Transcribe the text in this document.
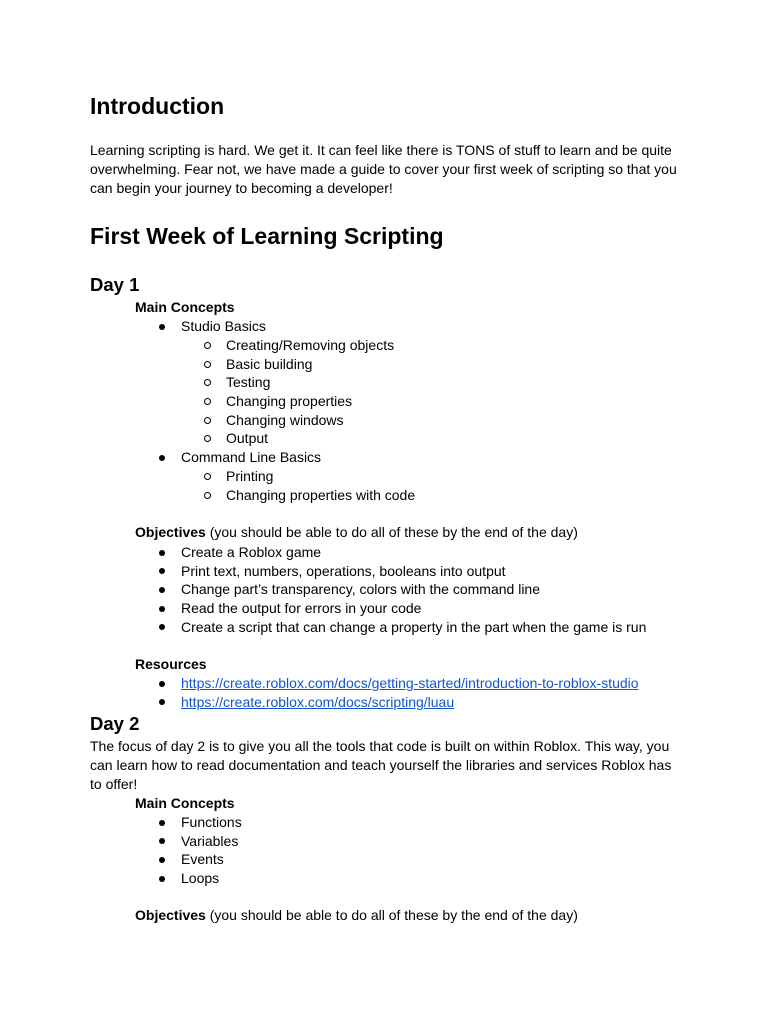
Introduction

Learning scripting is hard. We get it. It can feel like there is TONS of stuff to learn and be quite overwhelming. Fear not, we have made a guide to cover your first week of scripting so that you can begin your journey to becoming a developer!

First Week of Learning Scripting
Day 1

Main Concepts

Studio Basics
Creating/Removing objects
Basic building
Testing
Changing properties
Changing windows
Output
Command Line Basics
Printing
Changing properties with code

Objectives (you should be able to do all of these by the end of the day)

Create a Roblox game
Print text, numbers, operations, booleans into output
Change part’s transparency, colors with the command line
Read the output for errors in your code
Create a script that can change a property in the part when the game is run

Resources

https://create.roblox.com/docs/getting-started/introduction-to-roblox-studio
https://create.roblox.com/docs/scripting/luau
Day 2

The focus of day 2 is to give you all the tools that code is built on within Roblox. This way, you can learn how to read documentation and teach yourself the libraries and services Roblox has to offer!

Main Concepts

Functions
Variables
Events
Loops

Objectives (you should be able to do all of these by the end of the day)
